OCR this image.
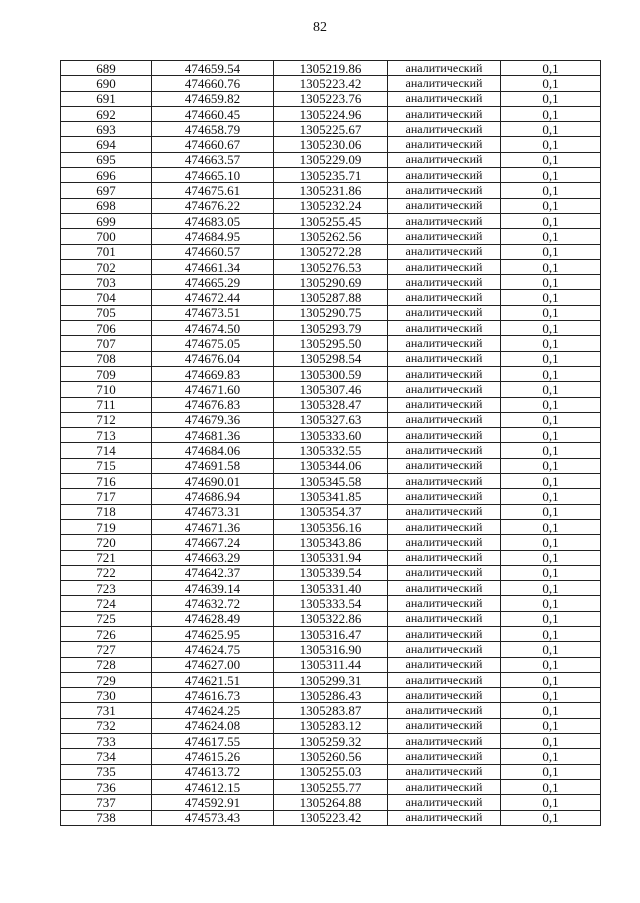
82
689	474659.54	1305219.86	аналитический	0,1
690	474660.76	1305223.42	аналитический	0,1
691	474659.82	1305223.76	аналитический	0,1
692	474660.45	1305224.96	аналитический	0,1
693	474658.79	1305225.67	аналитический	0,1
694	474660.67	1305230.06	аналитический	0,1
695	474663.57	1305229.09	аналитический	0,1
696	474665.10	1305235.71	аналитический	0,1
697	474675.61	1305231.86	аналитический	0,1
698	474676.22	1305232.24	аналитический	0,1
699	474683.05	1305255.45	аналитический	0,1
700	474684.95	1305262.56	аналитический	0,1
701	474660.57	1305272.28	аналитический	0,1
702	474661.34	1305276.53	аналитический	0,1
703	474665.29	1305290.69	аналитический	0,1
704	474672.44	1305287.88	аналитический	0,1
705	474673.51	1305290.75	аналитический	0,1
706	474674.50	1305293.79	аналитический	0,1
707	474675.05	1305295.50	аналитический	0,1
708	474676.04	1305298.54	аналитический	0,1
709	474669.83	1305300.59	аналитический	0,1
710	474671.60	1305307.46	аналитический	0,1
711	474676.83	1305328.47	аналитический	0,1
712	474679.36	1305327.63	аналитический	0,1
713	474681.36	1305333.60	аналитический	0,1
714	474684.06	1305332.55	аналитический	0,1
715	474691.58	1305344.06	аналитический	0,1
716	474690.01	1305345.58	аналитический	0,1
717	474686.94	1305341.85	аналитический	0,1
718	474673.31	1305354.37	аналитический	0,1
719	474671.36	1305356.16	аналитический	0,1
720	474667.24	1305343.86	аналитический	0,1
721	474663.29	1305331.94	аналитический	0,1
722	474642.37	1305339.54	аналитический	0,1
723	474639.14	1305331.40	аналитический	0,1
724	474632.72	1305333.54	аналитический	0,1
725	474628.49	1305322.86	аналитический	0,1
726	474625.95	1305316.47	аналитический	0,1
727	474624.75	1305316.90	аналитический	0,1
728	474627.00	1305311.44	аналитический	0,1
729	474621.51	1305299.31	аналитический	0,1
730	474616.73	1305286.43	аналитический	0,1
731	474624.25	1305283.87	аналитический	0,1
732	474624.08	1305283.12	аналитический	0,1
733	474617.55	1305259.32	аналитический	0,1
734	474615.26	1305260.56	аналитический	0,1
735	474613.72	1305255.03	аналитический	0,1
736	474612.15	1305255.77	аналитический	0,1
737	474592.91	1305264.88	аналитический	0,1
738	474573.43	1305223.42	аналитический	0,1
